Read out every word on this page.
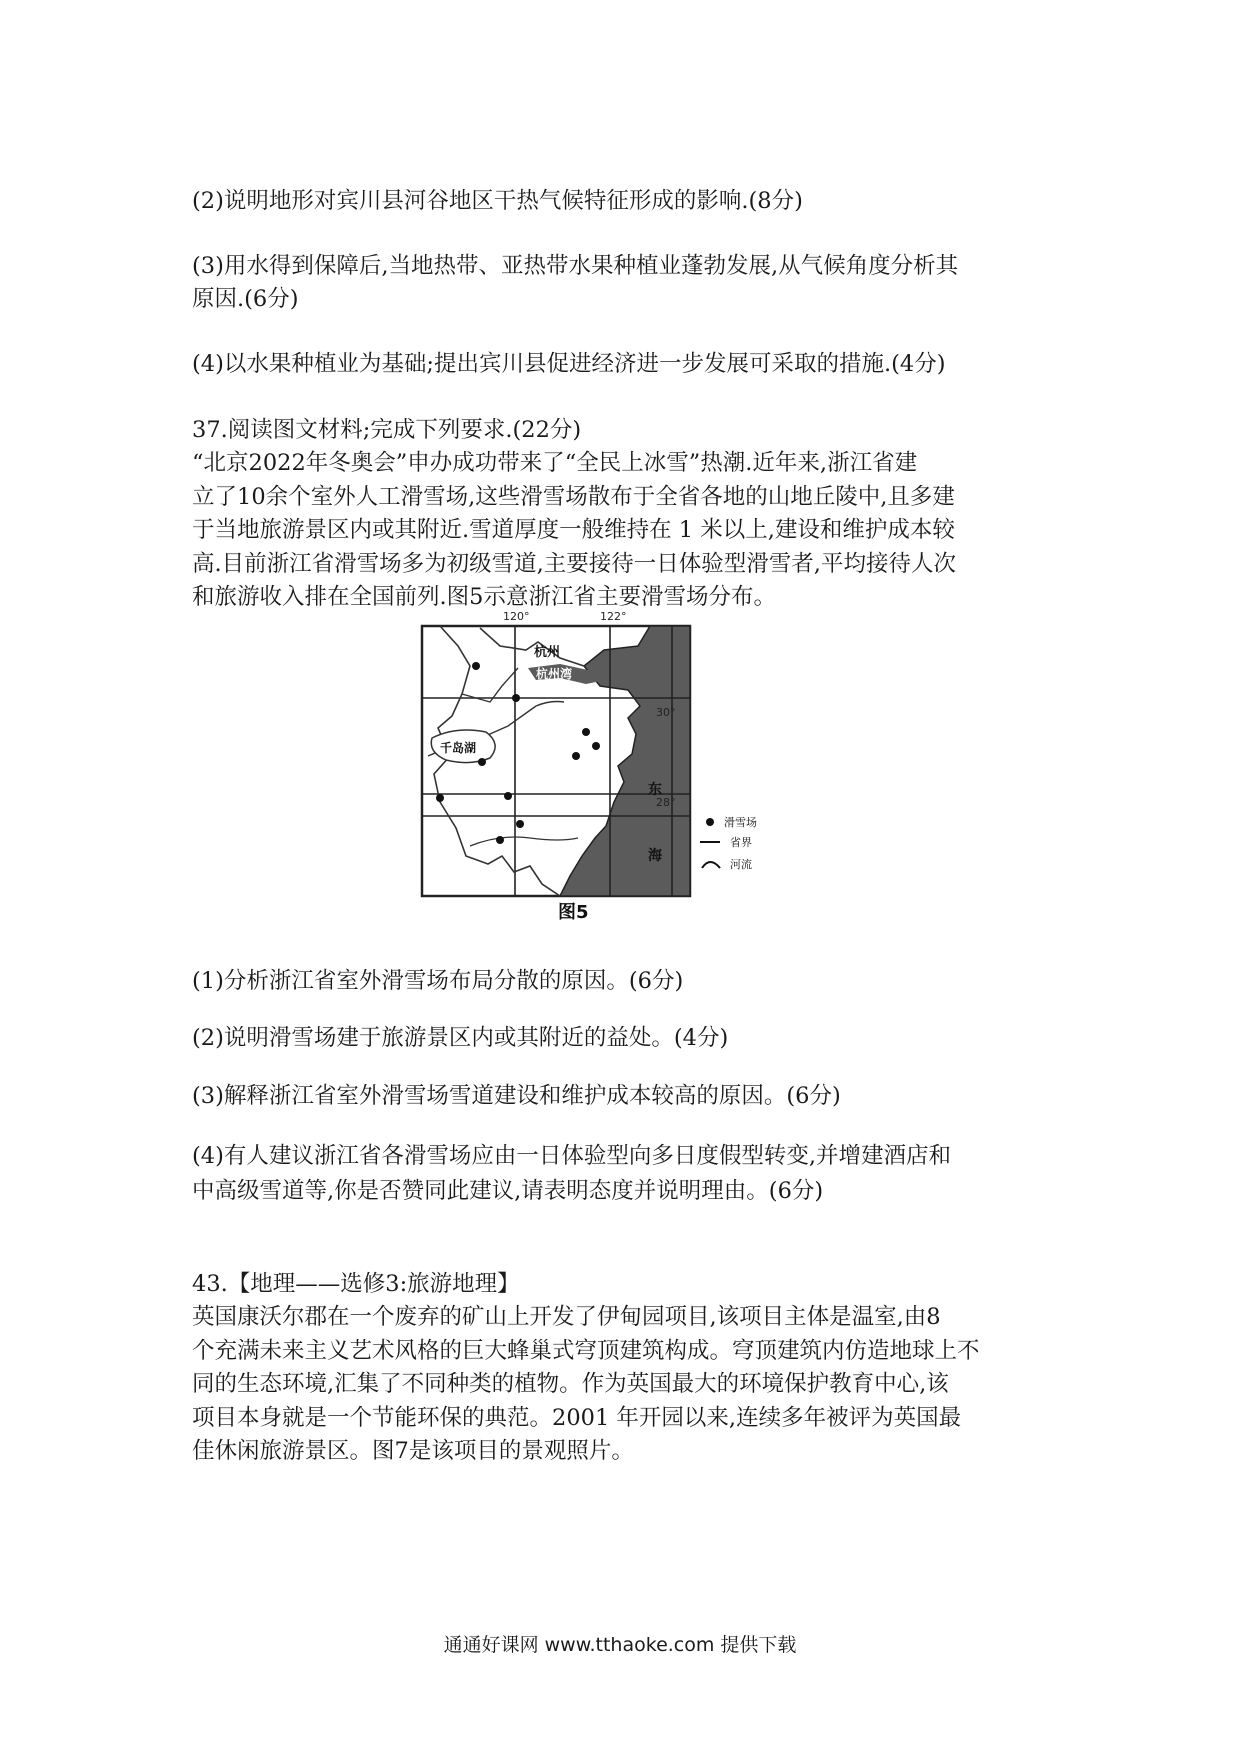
(2)说明地形对宾川县河谷地区干热气候特征形成的影响.(8分)
(3)用水得到保障后,当地热带、亚热带水果种植业蓬勃发展,从气候角度分析其
原因.(6分)
(4)以水果种植业为基础;提出宾川县促进经济进一步发展可采取的措施.(4分)
37.阅读图文材料;完成下列要求.(22分)
“北京2022年冬奥会”申办成功带来了“全民上冰雪”热潮.近年来,浙江省建
立了10余个室外人工滑雪场,这些滑雪场散布于全省各地的山地丘陵中,且多建
于当地旅游景区内或其附近.雪道厚度一般维持在 1 米以上,建设和维护成本较
高.目前浙江省滑雪场多为初级雪道,主要接待一日体验型滑雪者,平均接待人次
和旅游收入排在全国前列.图5示意浙江省主要滑雪场分布。
120°	122°
30°
28°
杭州
杭州湾
千岛湖
东
海
滑雪场
省界
河流
图5
(1)分析浙江省室外滑雪场布局分散的原因。(6分)
(2)说明滑雪场建于旅游景区内或其附近的益处。(4分)
(3)解释浙江省室外滑雪场雪道建设和维护成本较高的原因。(6分)
(4)有人建议浙江省各滑雪场应由一日体验型向多日度假型转变,并增建酒店和
中高级雪道等,你是否赞同此建议,请表明态度并说明理由。(6分)
43.【地理——选修3:旅游地理】
英国康沃尔郡在一个废弃的矿山上开发了伊甸园项目,该项目主体是温室,由8
个充满未来主义艺术风格的巨大蜂巢式穹顶建筑构成。穹顶建筑内仿造地球上不
同的生态环境,汇集了不同种类的植物。作为英国最大的环境保护教育中心,该
项目本身就是一个节能环保的典范。2001 年开园以来,连续多年被评为英国最
佳休闲旅游景区。图7是该项目的景观照片。
通通好课网 www.tthaoke.com 提供下载
